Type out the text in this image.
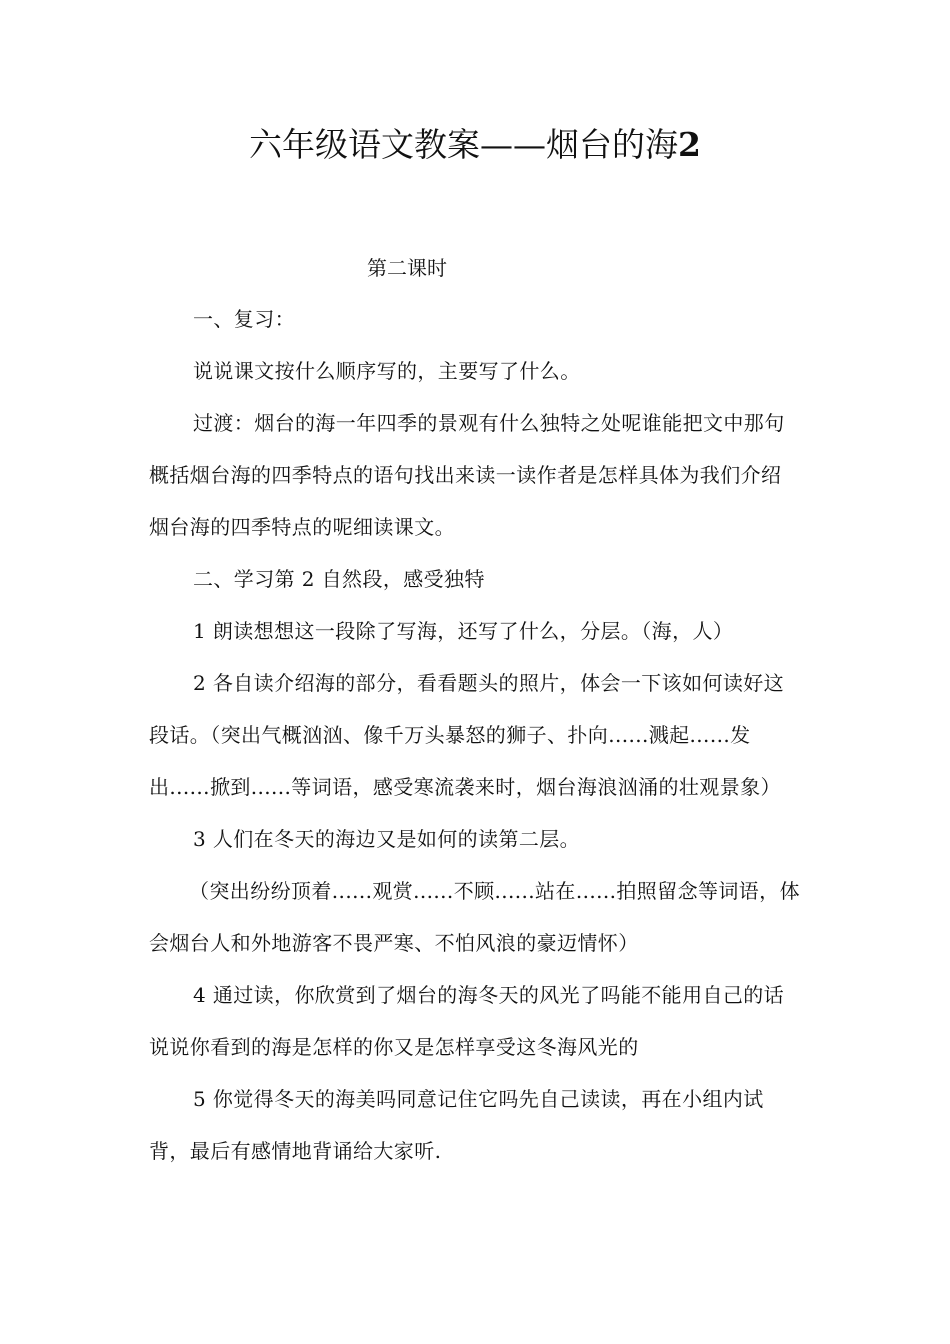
六年级语文教案——烟台的海2

第二课时

一、复习：

说说课文按什么顺序写的，主要写了什么。

过渡：烟台的海一年四季的景观有什么独特之处呢谁能把文中那句概括烟台海的四季特点的语句找出来读一读作者是怎样具体为我们介绍烟台海的四季特点的呢细读课文。

二、学习第 2 自然段，感受独特

1 朗读想想这一段除了写海，还写了什么，分层。（海，人）

2 各自读介绍海的部分，看看题头的照片，体会一下该如何读好这段话。（突出气概汹汹、像千万头暴怒的狮子、扑向......溅起......发出......掀到......等词语，感受寒流袭来时，烟台海浪汹涌的壮观景象）

3 人们在冬天的海边又是如何的读第二层。

（突出纷纷顶着......观赏......不顾......站在......拍照留念等词语，体会烟台人和外地游客不畏严寒、不怕风浪的豪迈情怀）

4 通过读，你欣赏到了烟台的海冬天的风光了吗能不能用自己的话说说你看到的海是怎样的你又是怎样享受这冬海风光的

5 你觉得冬天的海美吗同意记住它吗先自己读读，再在小组内试背，最后有感情地背诵给大家听.
